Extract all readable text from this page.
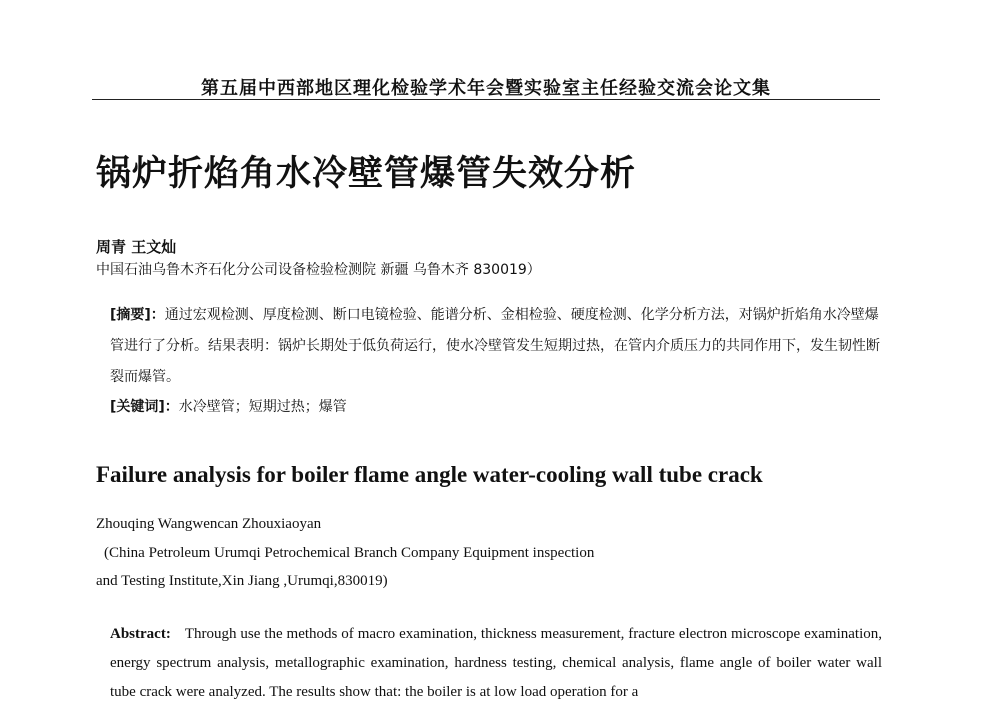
第五届中西部地区理化检验学术年会暨实验室主任经验交流会论文集
锅炉折焰角水冷壁管爆管失效分析
周青 王文灿
中国石油乌鲁木齐石化分公司设备检验检测院 新疆 乌鲁木齐 830019）
[摘要]：通过宏观检测、厚度检测、断口电镜检验、能谱分析、金相检验、硬度检测、化学分析方法，对锅炉折焰角水冷壁爆管进行了分析。结果表明：锅炉长期处于低负荷运行，使水冷壁管发生短期过热，在管内介质压力的共同作用下，发生韧性断裂而爆管。
[关键词]：水冷壁管；短期过热；爆管
Failure analysis for boiler flame angle water-cooling wall tube crack
Zhouqing Wangwencan Zhouxiaoyan
(China Petroleum Urumqi Petrochemical Branch Company Equipment inspection
and Testing Institute,Xin Jiang ,Urumqi,830019)
Abstract: Through use the methods of macro examination, thickness measurement, fracture electron microscope examination, energy spectrum analysis, metallographic examination, hardness testing, chemical analysis, flame angle of boiler water wall tube crack were analyzed. The results show that: the boiler is at low load operation for a
